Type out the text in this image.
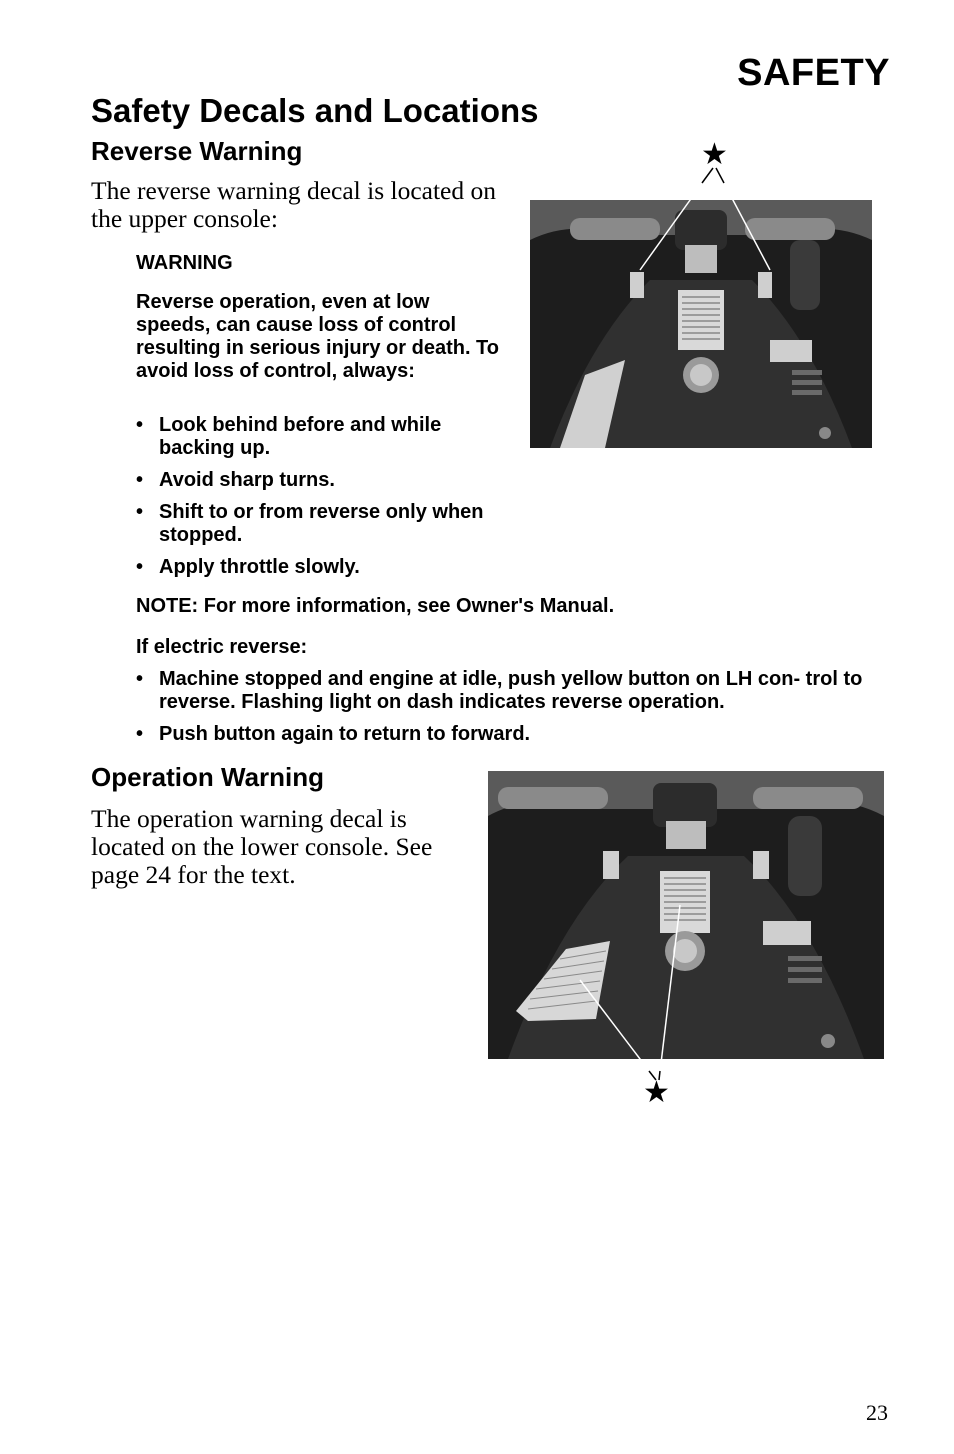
SAFETY
Safety Decals and Locations
Reverse Warning
The reverse warning decal is located on the upper console:
WARNING
Reverse operation, even at low speeds, can cause loss of control resulting in serious injury or death. To avoid loss of control, always:
• Look behind before and while backing up.
• Avoid sharp turns.
• Shift to or from reverse only when stopped.
• Apply throttle slowly.
NOTE: For more information, see Owner's Manual.
If electric reverse:
• Machine stopped and engine at idle, push yellow button on LH con- trol to reverse. Flashing light on dash indicates reverse operation.
• Push button again to return to forward.
★
Operation Warning
The operation warning decal is located on the lower console. See page 24 for the text.
★
23
